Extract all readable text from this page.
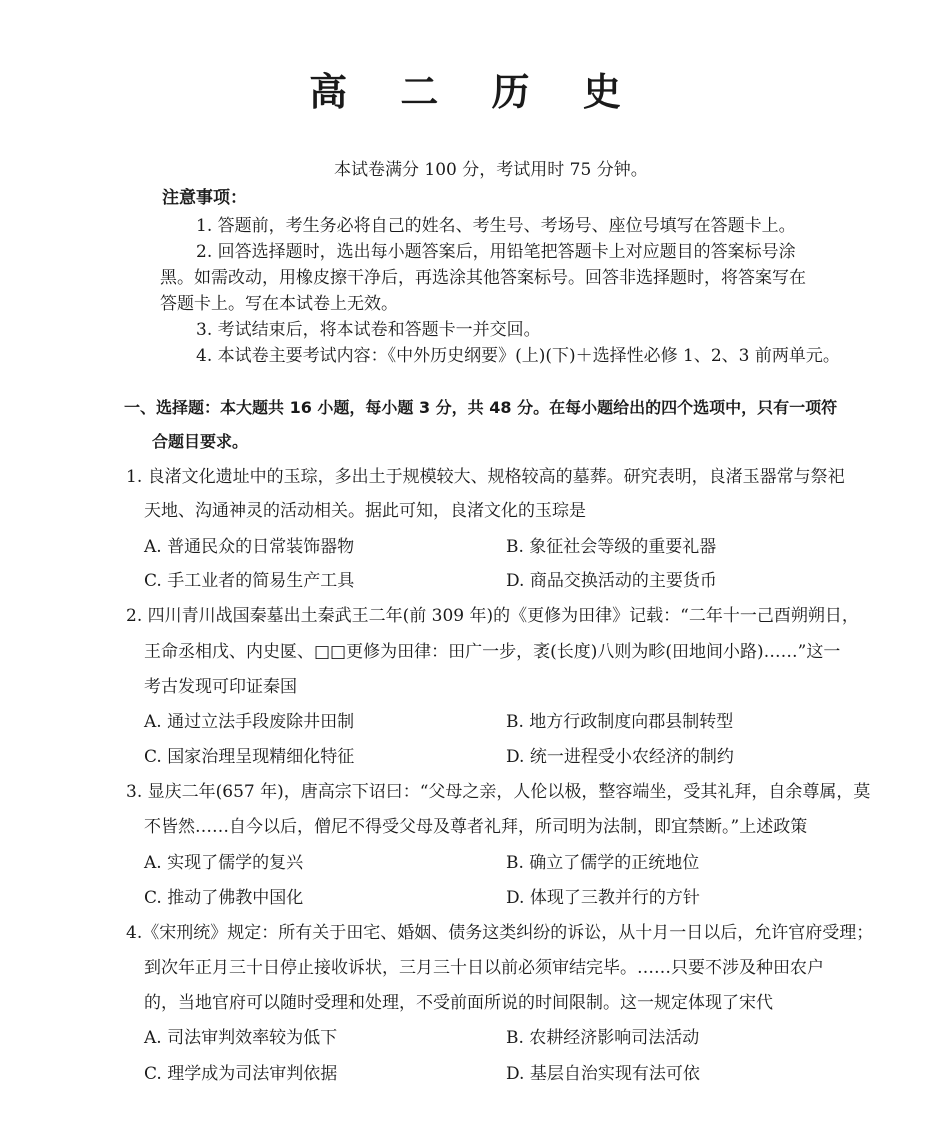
高 二 历 史
本试卷满分 100 分，考试用时 75 分钟。
注意事项：
1. 答题前，考生务必将自己的姓名、考生号、考场号、座位号填写在答题卡上。
2. 回答选择题时，选出每小题答案后，用铅笔把答题卡上对应题目的答案标号涂
黑。如需改动，用橡皮擦干净后，再选涂其他答案标号。回答非选择题时，将答案写在
答题卡上。写在本试卷上无效。
3. 考试结束后，将本试卷和答题卡一并交回。
4. 本试卷主要考试内容：《中外历史纲要》(上)(下)＋选择性必修 1、2、3 前两单元。
一、选择题：本大题共 16 小题，每小题 3 分，共 48 分。在每小题给出的四个选项中，只有一项符
合题目要求。
1. 良渚文化遗址中的玉琮，多出土于规模较大、规格较高的墓葬。研究表明，良渚玉器常与祭祀
天地、沟通神灵的活动相关。据此可知，良渚文化的玉琮是
A. 普通民众的日常装饰器物	B. 象征社会等级的重要礼器
C. 手工业者的简易生产工具	D. 商品交换活动的主要货币
2. 四川青川战国秦墓出土秦武王二年(前 309 年)的《更修为田律》记载：“二年十一己酉朔朔日，
王命丞相戊、内史匽、□□更修为田律：田广一步，袤(长度)八则为畛(田地间小路)……”这一
考古发现可印证秦国
A. 通过立法手段废除井田制	B. 地方行政制度向郡县制转型
C. 国家治理呈现精细化特征	D. 统一进程受小农经济的制约
3. 显庆二年(657 年)，唐高宗下诏曰：“父母之亲，人伦以极，整容端坐，受其礼拜，自余尊属，莫
不皆然……自今以后，僧尼不得受父母及尊者礼拜，所司明为法制，即宜禁断。”上述政策
A. 实现了儒学的复兴	B. 确立了儒学的正统地位
C. 推动了佛教中国化	D. 体现了三教并行的方针
4.《宋刑统》规定：所有关于田宅、婚姻、债务这类纠纷的诉讼，从十月一日以后，允许官府受理；
到次年正月三十日停止接收诉状，三月三十日以前必须审结完毕。……只要不涉及种田农户
的，当地官府可以随时受理和处理，不受前面所说的时间限制。这一规定体现了宋代
A. 司法审判效率较为低下	B. 农耕经济影响司法活动
C. 理学成为司法审判依据	D. 基层自治实现有法可依
